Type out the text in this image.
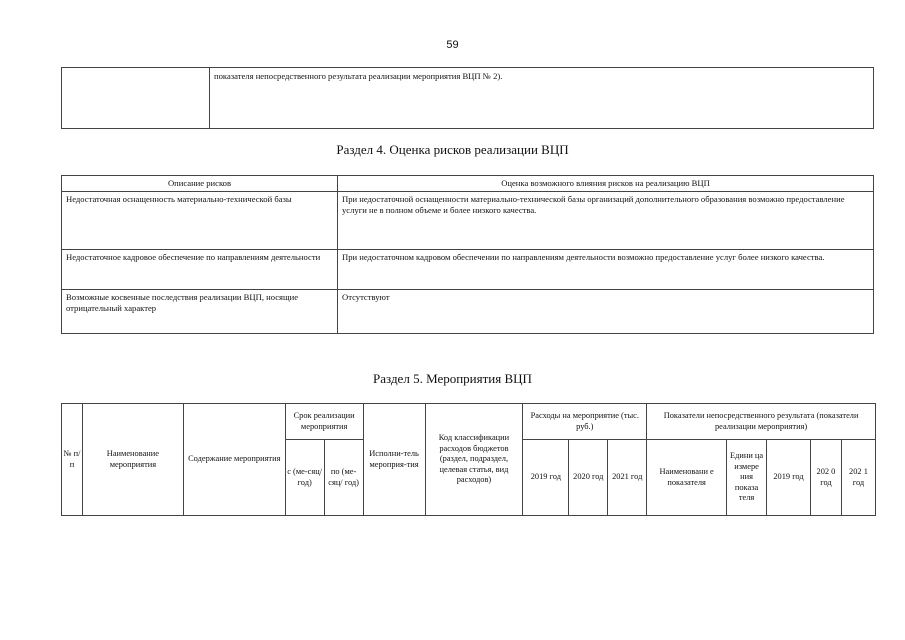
59
	показателя непосредственного результата реализации мероприятия ВЦП № 2).
Раздел 4. Оценка рисков реализации ВЦП
Описание рисков	Оценка возможного влияния рисков на реализацию ВЦП
Недостаточная оснащенность материально-технической базы	При недостаточной оснащенности материально-технической базы организаций дополнительного образования возможно предоставление услуги не в полном объеме и более низкого качества.
Недостаточное кадровое обеспечение по направлениям деятельности	При недостаточном кадровом обеспечении по направлениям деятельности возможно предоставление услуг более низкого качества.
Возможные косвенные последствия реализации ВЦП, носящие отрицательный характер	Отсутствуют
Раздел 5. Мероприятия ВЦП
№ п/ п	Наименование мероприятия	Содержание мероприятия	Срок реализации мероприятия		Исполни-тель мероприя-тия	Код классификации расходов бюджетов (раздел, подраздел, целевая статья, вид расходов)	Расходы на мероприятие (тыс. руб.)			Показатели непосредственного результата (показатели реализации мероприятия)				
			с (ме-сяц/ год)	по (ме-сяц/ год)			2019 год	2020 год	2021 год	Наименовани е показателя	Едини ца измере ния показа теля	2019 год	202 0 год	202 1 год
